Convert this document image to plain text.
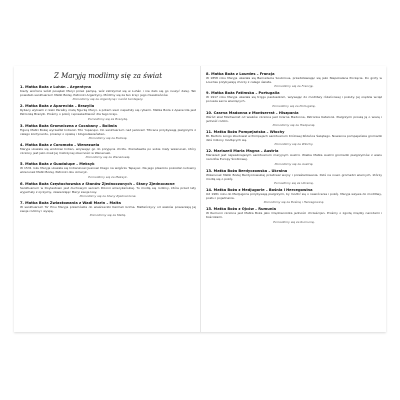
Z Maryją modlimy się za świat
1. Matka Boża z Luhán – Argentyna

Kiedy woźnica wiózł posążek Maryi przez pampę, wóz zatrzymał się w Luhán i nie dało się go ruszyć dalej. Tak powstało sanktuarium Matki Bożej, Patronki Argentyny. Módlmy się za ten kraj i jego mieszkańców.

Pomodlimy się za Argentynę i naród tamtejszy.

2. Matka Boża z Aparecida – Brazylia

Rybacy wyłowili z rzeki Paraíby małą figurkę Maryi, a potem sieci napełniły się rybami. Matka Boża z Aparecida jest Patronką Brazylii. Prośmy o pokój i sprawiedliwość dla tego kraju.

Pomodlimy się za Brazylię.

3. Matka Boża Gromniczna z Cocabany – Boliwia

Figurę Matki Bożej wyrzeźbił Indianin Tito Yupanqui. Do sanktuarium nad jeziorem Titicaca przybywają pielgrzymi z całego kontynentu, prosząc o opiekę i błogosławieństwo.

Pomodlimy się za Boliwię.

4. Matka Boża z Coromoto – Wenezuela

Maryja ukazała się wodzowi Indian, wzywając go do przyjęcia chrztu. Pozostawiła po sobie mały wizerunek, który czczony jest jako znak Jej matczynej obecności w Wenezueli.

Pomodlimy się za Wenezuelę.

5. Matka Boża z Guadalupe – Meksyk

W 1531 roku Maryja ukazała się Indianinowi Juanowi Diego na wzgórzu Tepeyac. Na jego płaszczu pozostał cudowny wizerunek Matki Bożej, Patronki obu Ameryk.

Pomodlimy się za Meksyk.

6. Matka Boża Częstochowska z Stanów Zjednoczonych – Stany Zjednoczone

Sanktuarium w Doylestown jest duchowym sercem Polonii amerykańskiej. Tu modlą się rodziny, które przed laty wyjechały z ojczyzny, zawierzając Maryi swoje losy.

Pomodlimy się za Stany Zjednoczone.

7. Matka Boża Zwiastowania z Wadi Marin – Malta

W sanktuarium Ta' Pinu Maryja przemówiła do wieśniaczki Karmeli Grima. Maltańczycy od wieków powierzają Jej swoje rodziny i wyspę.

Pomodlimy się za Maltę.

8. Matka Boża z Lourdes – Francja

W 1858 roku Maryja ukazała się Bernadecie Soubirous, przedstawiając się jako Niepokalane Poczęcie. Do groty w Lourdes przybywają chorzy z całego świata.

Pomodlimy się za Francję.

9. Matka Boża Fatimska – Portugalia

W 1917 roku Maryja ukazała się trojgu pastuszkom, wzywając do modlitwy różańcowej i pokuty. Jej orędzie wciąż porusza serca wierzących.

Pomodlimy się za Portugalię.

10. Czarna Madonna z Montserrat – Hiszpania

Wśród skał Montserrat od wieków czczona jest Czarna Madonna, Patronka Katalonii. Pielgrzymi proszą Ją o wiarę i jedność rodzin.

Pomodlimy się za Hiszpanię.

11. Matka Boża Pompejańska – Włochy

Bł. Bartolo Longo zbudował w Pompejach sanktuarium Królowej Różańca Świętego. Nowenna pompejańska gromadzi dziś miliony modlących się.

Pomodlimy się za Włochy.

12. Mariazell Maria Magna – Austria

Mariazell jest najważniejszym sanktuarium maryjnym Austrii. Wielka Matka Austrii gromadzi pielgrzymów z wielu narodów Europy Środkowej.

Pomodlimy się za Austrię.

13. Matka Boża Berdyczowska – Ukraina

Wizerunek Matki Bożej Berdyczowskiej przetrwał wojny i prześladowania. Dziś na nowo gromadzi wiernych, którzy modlą się o pokój.

Pomodlimy się za Ukrainę.

14. Matka Boża z Medjugorie – Bośnia i Hercegowina

Od 1981 roku do Medjugorie przybywają pielgrzymi, by modlić się o nawrócenie i pokój. Maryja wzywa do modlitwy, postu i pojednania.

Pomodlimy się za Bośnię i Hercegowinę.

15. Matka Boża z Ojców – Rumunia

W Rumunii czczona jest Matka Boża jako Orędowniczka jedności chrześcijan. Prośmy o zgodę między narodami i Kościołami.

Pomodlimy się za Rumunię.
